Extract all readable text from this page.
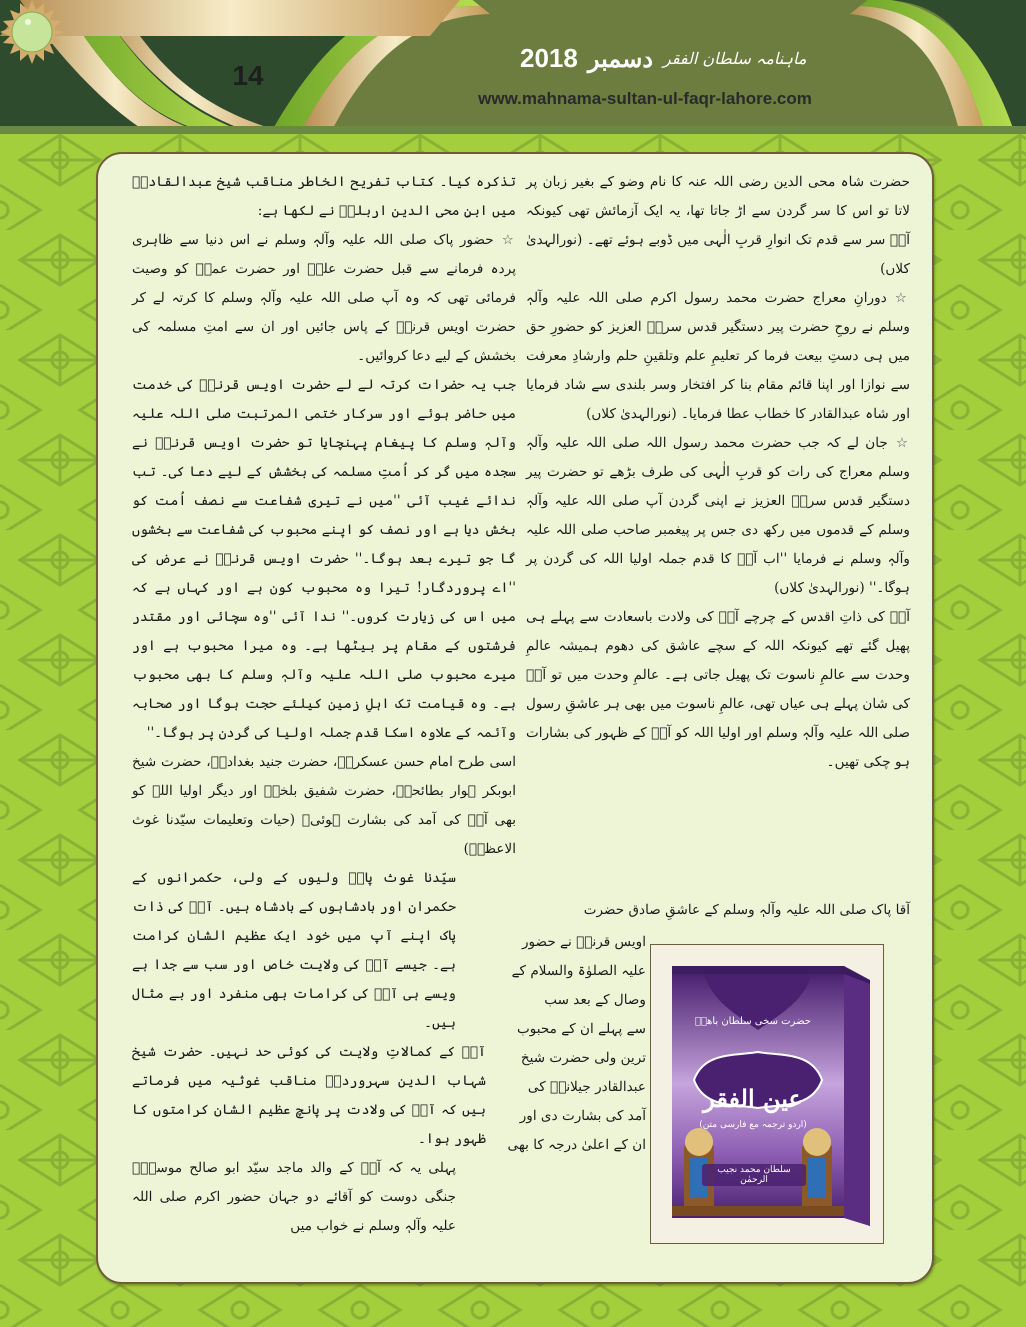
www.mahnama-sultan-ul-faqr-lahore.com
14
2018 دسمبر ماہنامہ سلطان الفقر

حضرت شاہ محی الدین رضی اللہ عنہ کا نام وضو کے بغیر زبان پر لاتا تو اس کا سر گردن سے اڑ جاتا تھا، یہ ایک آزمائش تھی کیونکہ آپؓ سر سے قدم تک انوارِ قربِ الٰہی میں ڈوبے ہوئے تھے۔ (نورالہدیٰ کلاں)

☆دورانِ معراج حضرت محمد رسول اکرم صلی اللہ علیہ وآلہٖ وسلم نے روحِ حضرت پیر دستگیر قدس سرہٗ العزیز کو حضورِ حق میں ہی دستِ بیعت فرما کر تعلیمِ علم وتلقینِ حلم وارشادِ معرفت سے نوازا اور اپنا قائم مقام بنا کر افتخار وسر بلندی سے شاد فرمایا اور شاہ عبدالقادر کا خطاب عطا فرمایا۔ (نورالہدیٰ کلاں)

☆جان لے کہ جب حضرت محمد رسول اللہ صلی اللہ علیہ وآلہٖ وسلم معراج کی رات کو قربِ الٰہی کی طرف بڑھے تو حضرت پیر دستگیر قدس سرہٗ العزیز نے اپنی گردن آپ صلی اللہ علیہ وآلہٖ وسلم کے قدموں میں رکھ دی جس پر پیغمبر صاحب صلی اللہ علیہ وآلہٖ وسلم نے فرمایا ''اب آپؓ کا قدم جملہ اولیا اللہ کی گردن پر ہوگا۔'' (نورالہدیٰ کلاں)

آپؓ کی ذاتِ اقدس کے چرچے آپؓ کی ولادت باسعادت سے پہلے ہی پھیل گئے تھے کیونکہ اللہ کے سچے عاشق کی دھوم ہمیشہ عالمِ وحدت سے عالمِ ناسوت تک پھیل جاتی ہے۔ عالمِ وحدت میں تو آپؓ کی شان پہلے ہی عیاں تھی، عالمِ ناسوت میں بھی ہر عاشقِ رسول صلی اللہ علیہ وآلہٖ وسلم اور اولیا اللہ کو آپؓ کے ظہور کی بشارات ہو چکی تھیں۔

آقا پاک صلی اللہ علیہ وآلہٖ وسلم کے عاشقِ صادق حضرت
اویس قرنیؓ نے حضور
علیہ الصلوٰۃ والسلام کے
وصال کے بعد سب
سے پہلے ان کے محبوب
ترین ولی حضرت شیخ
عبدالقادر جیلانیؓ کی
آمد کی بشارت دی اور
ان کے اعلیٰ درجہ کا بھی
حضرت سخی سلطان باھوؒ
عین الفقر
(اردو ترجمہ مع فارسی متن)
سلطان محمد نجیب الرحمٰن

تذکرہ کیا۔ کتاب تفریح الخاطر مناقب شیخ عبدالقادرؓ میں ابنِ محی الدین اربلیؒ نے لکھا ہے:

☆حضور پاک صلی اللہ علیہ وآلہٖ وسلم نے اس دنیا سے ظاہری پردہ فرمانے سے قبل حضرت علیؓ اور حضرت عمرؓ کو وصیت فرمائی تھی کہ وہ آپ صلی اللہ علیہ وآلہٖ وسلم کا کرتہ لے کر حضرت اویس قرنیؓ کے پاس جائیں اور ان سے امتِ مسلمہ کی بخشش کے لیے دعا کروائیں۔

جب یہ حضرات کرتہ لے لے حضرت اویس قرنیؓ کی خدمت میں حاضر ہوئے اور سرکار ختمی المرتبت صلی اللہ علیہ وآلہٖ وسلم کا پیغام پہنچایا تو حضرت اویس قرنیؓ نے سجدہ میں گر کر اُمتِ مسلمہ کی بخشش کے لیے دعا کی۔ تب ندائے غیب آئی ''میں نے تیری شفاعت سے نصف اُمت کو بخش دیا ہے اور نصف کو اپنے محبوب کی شفاعت سے بخشوں گا جو تیرے بعد ہوگا۔'' حضرت اویس قرنیؓ نے عرض کی ''اے پروردگار! تیرا وہ محبوب کون ہے اور کہاں ہے کہ میں اس کی زیارت کروں۔'' ندا آئی ''وہ سچائی اور مقتدر فرشتوں کے مقام پر بیٹھا ہے۔ وہ میرا محبوب ہے اور میرے محبوب صلی اللہ علیہ وآلہٖ وسلم کا بھی محبوب ہے۔ وہ قیامت تک اہلِ زمین کیلئے حجت ہوگا اور صحابہ وآئمہ کے علاوہ اسکا قدم جملہ اولیا کی گردن پر ہوگا۔''

اسی طرح امام حسن عسکریؒ، حضرت جنید بغدادیؒ، حضرت شیخ ابوبکر ہوار بطائحیؒ، حضرت شفیق بلخیؒ اور دیگر اولیا اللہ کو بھی آپؓ کی آمد کی بشارت ہوئی۔ (حیات وتعلیمات سیّدنا غوث الاعظمؓ)

سیّدنا غوث پاکؓ ولیوں کے ولی، حکمرانوں کے حکمران اور بادشاہوں کے بادشاہ ہیں۔ آپؓ کی ذات پاک اپنے آپ میں خود ایک عظیم الشان کرامت ہے۔ جیسے آپؓ کی ولایت خاص اور سب سے جدا ہے ویسے ہی آپؓ کی کرامات بھی منفرد اور بے مثال ہیں۔

آپؓ کے کمالاتِ ولایت کی کوئی حد نہیں۔ حضرت شیخ شہاب الدین سہروردیؒ مناقب غوثیہ میں فرماتے ہیں کہ آپؓ کی ولادت پر پانچ عظیم الشان کرامتوں کا ظہور ہوا۔

پہلی یہ کہ آپؓ کے والد ماجد سیّد ابو صالح موسیٰؒ جنگی دوست کو آقائے دو جہان حضور اکرم صلی اللہ علیہ وآلہٖ وسلم نے خواب میں
